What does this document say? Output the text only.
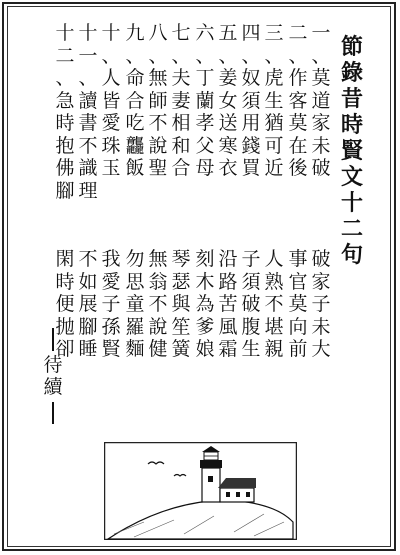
節
錄
昔
時
賢
文
十
二
句
一
、
莫
道
家
未
破
破
家
子
未
大
二
、
作
客
莫
在
後
事
官
莫
向
前
三
、
虎
生
猶
可
近
人
熟
不
堪
親
四
、
奴
須
用
錢
買
子
須
破
腹
生
五
、
姜
女
送
寒
衣
沿
路
苦
風
霜
六
、
丁
蘭
孝
父
母
刻
木
為
爹
娘
七
、
夫
妻
相
和
合
琴
瑟
與
笙
簧
八
、
無
師
不
說
聖
無
翁
不
說
健
九
、
命
合
吃
龘
飯
勿
思
童
羅
麵
十
、
人
皆
愛
珠
玉
我
愛
子
孫
賢
十
一
、
讀
書
不
識
理
不
如
展
腳
睡
十
二
、
急
時
抱
佛
腳
閑
時
便
抛
卻
待
續
